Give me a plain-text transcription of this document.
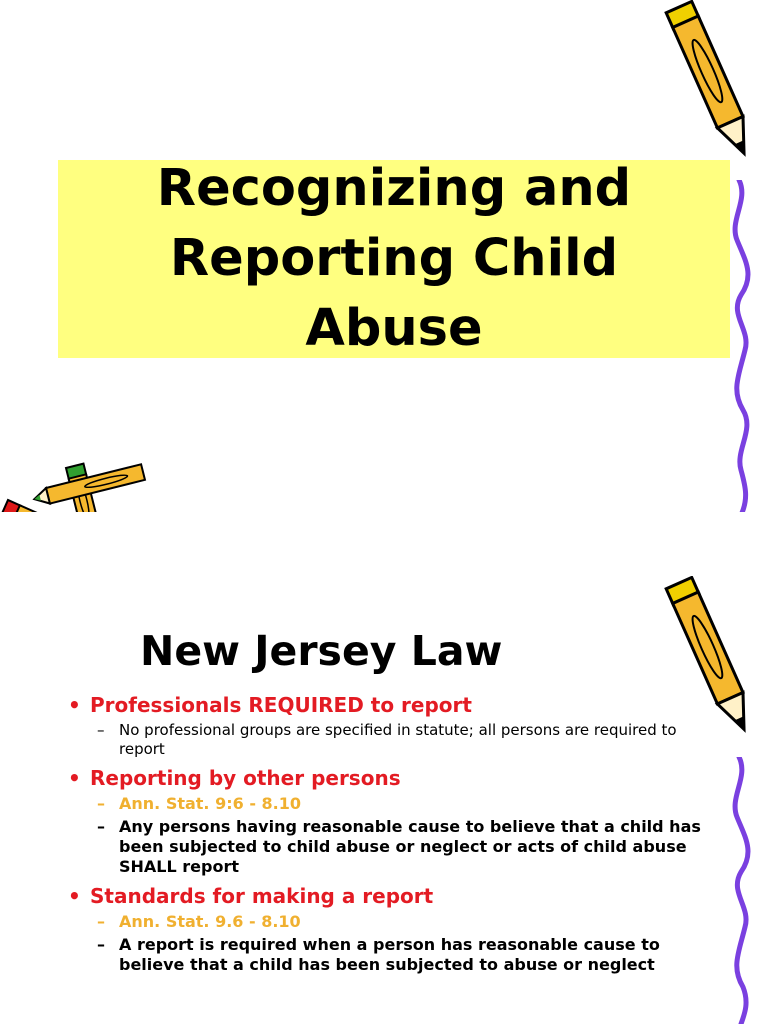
Recognizing and
Reporting Child
Abuse
New Jersey Law
• Professionals REQUIRED to report
– No professional groups are specified in statute; all persons are required to report
• Reporting by other persons
– Ann. Stat. 9:6 - 8.10
– Any persons having reasonable cause to believe that a child has been subjected to child abuse or neglect or acts of child abuse SHALL report
• Standards for making a report
– Ann. Stat. 9.6 - 8.10
– A report is required when a person has reasonable cause to believe that a child has been subjected to abuse or neglect
